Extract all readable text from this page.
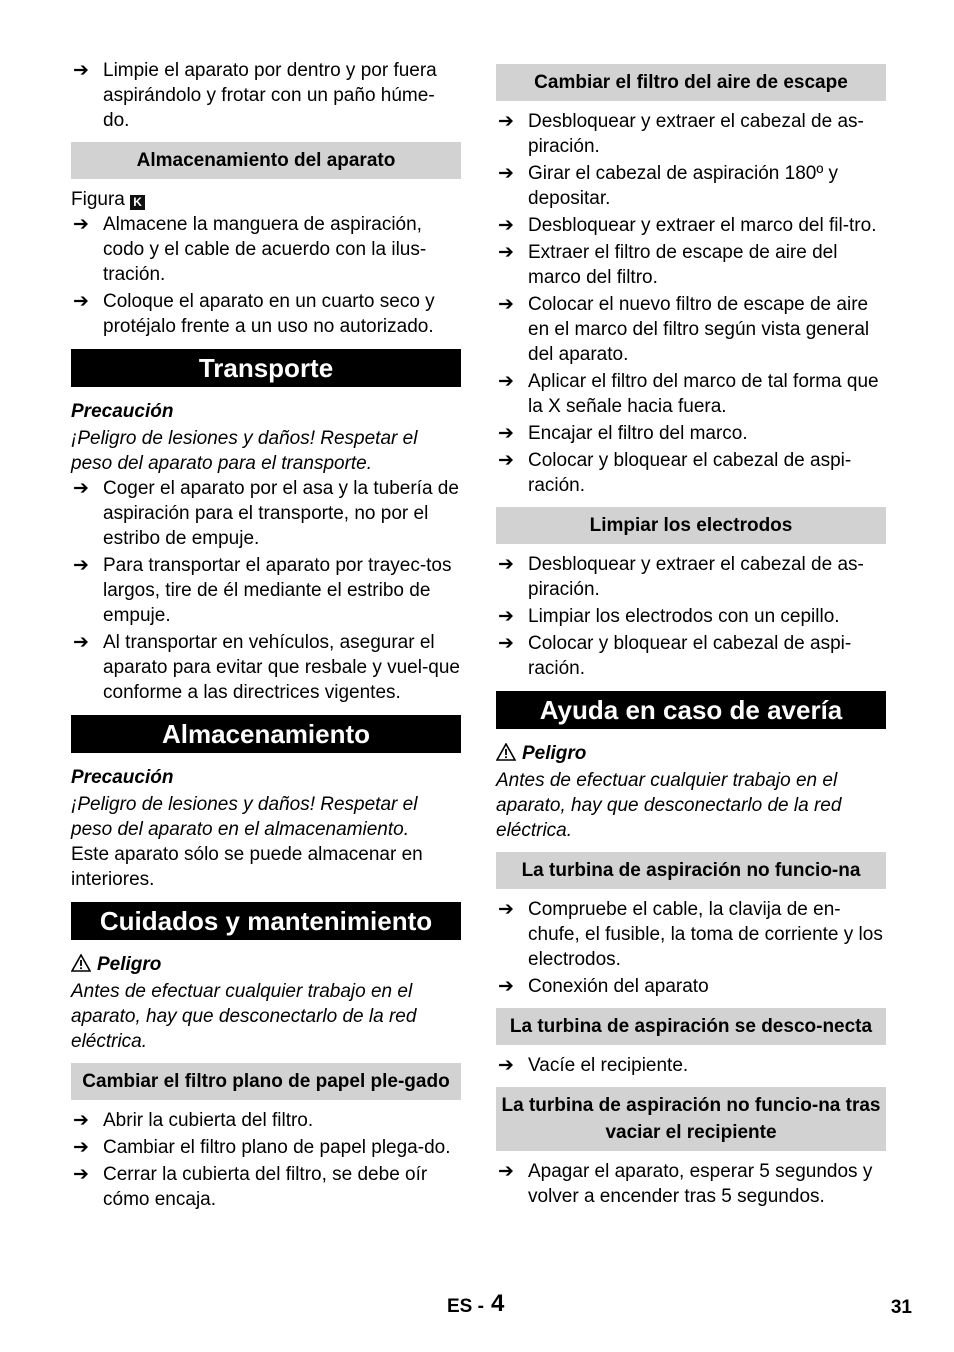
➔ Limpie el aparato por dentro y por fuera aspirándolo y frotar con un paño húme-do.
Almacenamiento del aparato
Figura K
➔ Almacene la manguera de aspiración, codo y el cable de acuerdo con la ilus-tración.
➔ Coloque el aparato en un cuarto seco y protéjalo frente a un uso no autorizado.
Transporte
Precaución
¡Peligro de lesiones y daños! Respetar el peso del aparato para el transporte.
➔ Coger el aparato por el asa y la tubería de aspiración para el transporte, no por el estribo de empuje.
➔ Para transportar el aparato por trayec-tos largos, tire de él mediante el estribo de empuje.
➔ Al transportar en vehículos, asegurar el aparato para evitar que resbale y vuel-que conforme a las directrices vigentes.
Almacenamiento
Precaución
¡Peligro de lesiones y daños! Respetar el peso del aparato en el almacenamiento.
Este aparato sólo se puede almacenar en interiores.
Cuidados y mantenimiento
Peligro
Antes de efectuar cualquier trabajo en el aparato, hay que desconectarlo de la red eléctrica.
Cambiar el filtro plano de papel ple-gado
➔ Abrir la cubierta del filtro.
➔ Cambiar el filtro plano de papel plega-do.
➔ Cerrar la cubierta del filtro, se debe oír cómo encaja.
Cambiar el filtro del aire de escape
➔ Desbloquear y extraer el cabezal de as-piración.
➔ Girar el cabezal de aspiración 180º y depositar.
➔ Desbloquear y extraer el marco del fil-tro.
➔ Extraer el filtro de escape de aire del marco del filtro.
➔ Colocar el nuevo filtro de escape de aire en el marco del filtro según vista general del aparato.
➔ Aplicar el filtro del marco de tal forma que la X señale hacia fuera.
➔ Encajar el filtro del marco.
➔ Colocar y bloquear el cabezal de aspi-ración.
Limpiar los electrodos
➔ Desbloquear y extraer el cabezal de as-piración.
➔ Limpiar los electrodos con un cepillo.
➔ Colocar y bloquear el cabezal de aspi-ración.
Ayuda en caso de avería
Peligro
Antes de efectuar cualquier trabajo en el aparato, hay que desconectarlo de la red eléctrica.
La turbina de aspiración no funcio-na
➔ Compruebe el cable, la clavija de en-chufe, el fusible, la toma de corriente y los electrodos.
➔ Conexión del aparato
La turbina de aspiración se desco-necta
➔ Vacíe el recipiente.
La turbina de aspiración no funcio-na tras vaciar el recipiente
➔ Apagar el aparato, esperar 5 segundos y volver a encender tras 5 segundos.
ES - 4	31
